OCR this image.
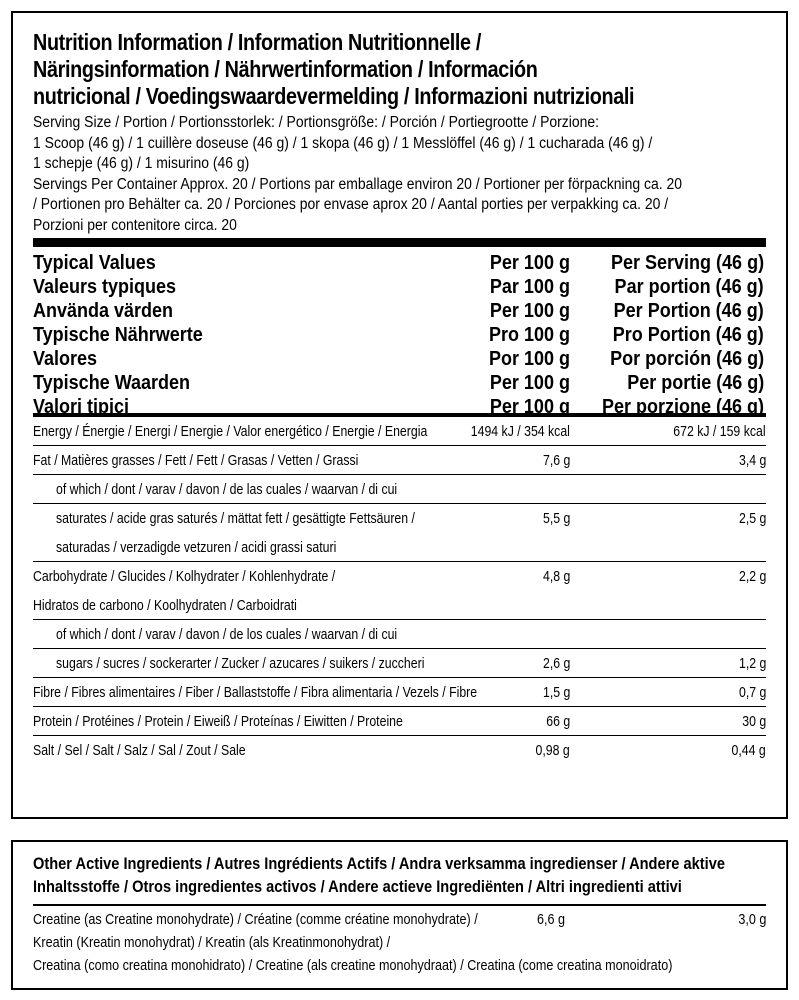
Nutrition Information / Information Nutritionnelle /
Näringsinformation / Nährwertinformation / Información
nutricional / Voedingswaardevermelding / Informazioni nutrizionali
Serving Size / Portion / Portionsstorlek: / Portionsgröße: / Porción / Portiegrootte / Porzione:
1 Scoop (46 g) / 1 cuillère doseuse (46 g) / 1 skopa (46 g) / 1 Messlöffel (46 g) / 1 cucharada (46 g) /
1 schepje (46 g) / 1 misurino (46 g)
Servings Per Container Approx. 20 / Portions par emballage environ 20 / Portioner per förpackning ca. 20
/ Portionen pro Behälter ca. 20 / Porciones por envase aprox 20 / Aantal porties per verpakking ca. 20 /
Porzioni per contenitore circa. 20
Typical Values	Per 100 g Per Serving (46 g)
Valeurs typiques	Par 100 g Par portion (46 g)
Använda värden	Per 100 g Per Portion (46 g)
Typische Nährwerte	Pro 100 g Pro Portion (46 g)
Valores	Por 100 g Por porción (46 g)
Typische Waarden	Per 100 g	Per portie (46 g)
Valori tipici	Per 100 g Per porzione (46 g)
Energy / Énergie / Energi / Energie / Valor energético / Energie / Energia	1494 kJ / 354 kcal	672 kJ / 159 kcal
Fat / Matières grasses / Fett / Fett / Grasas / Vetten / Grassi	7,6 g	3,4 g
of which / dont / varav / davon / de las cuales / waarvan / di cui
saturates / acide gras saturés / mättat fett / gesättigte Fettsäuren /	5,5 g	2,5 g
saturadas / verzadigde vetzuren / acidi grassi saturi
Carbohydrate / Glucides / Kolhydrater / Kohlenhydrate /	4,8 g	2,2 g
Hidratos de carbono / Koolhydraten / Carboidrati
of which / dont / varav / davon / de los cuales / waarvan / di cui
sugars / sucres / sockerarter / Zucker / azucares / suikers / zuccheri	2,6 g	1,2 g
Fibre / Fibres alimentaires / Fiber / Ballaststoffe / Fibra alimentaria / Vezels / Fibre	1,5 g	0,7 g
Protein / Protéines / Protein / Eiweiß / Proteínas / Eiwitten / Proteine	66 g	30 g
Salt / Sel / Salt / Salz / Sal / Zout / Sale	0,98 g	0,44 g
Other Active Ingredients / Autres Ingrédients Actifs / Andra verksamma ingredienser / Andere aktive
Inhaltsstoffe / Otros ingredientes activos / Andere actieve Ingrediënten / Altri ingredienti attivi
Creatine (as Creatine monohydrate) / Créatine (comme créatine monohydrate) /	6,6 g	3,0 g
Kreatin (Kreatin monohydrat) / Kreatin (als Kreatinmonohydrat) /
Creatina (como creatina monohidrato) / Creatine (als creatine monohydraat) / Creatina (come creatina monoidrato)
